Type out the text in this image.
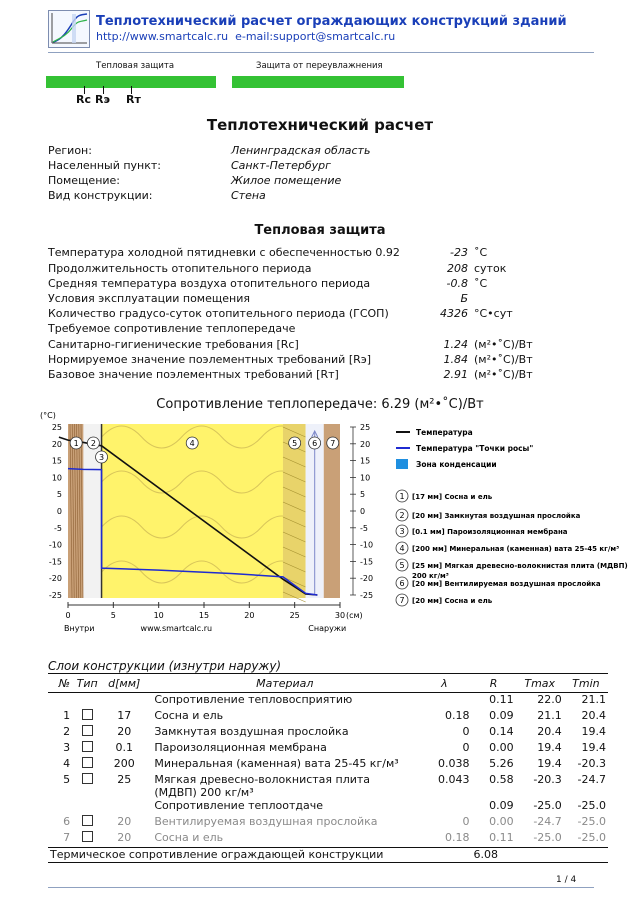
Теплотехнический расчет ограждающих конструкций зданий
http://www.smartcalc.ru e-mail:support@smartcalc.ru
Тепловая защита	Защита от переувлажнения
Rc Rэ Rт
Теплотехнический расчет
Регион:	Ленинградская область
Населенный пункт:	Санкт-Петербург
Помещение:	Жилое помещение
Вид конструкции:	Стена
Тепловая защита
Температура холодной пятидневки с обеспеченностью 0.92	-23 ˚C
Продолжительность отопительного периода	208 суток
Средняя температура воздуха отопительного периода	-0.8 ˚C
Условия эксплуатации помещения	Б
Количество градусо-суток отопительного периода (ГСОП)	4326 °C•сут
Требуемое сопротивление теплопередаче
Санитарно-гигиенические требования [Rc]	1.24 (м²•˚C)/Вт
Нормируемое значение поэлементных требований [Rэ]	1.84 (м²•˚C)/Вт
Базовое значение поэлементных требований [Rт]	2.91 (м²•˚C)/Вт
Сопротивление теплопередаче: 6.29 (м²•˚C)/Вт
0	5	10	15	20	25	30 (см)
(°C)
25	25
20	20
15	15
10	10
5	5
0	0
-5	-5
-10	-10
-15	-15
-20	-20
-25	-25
Внутри	www.smartcalc.ru	Снаружи
1 2
3
4	5 6 7
Температура
Температура "Точки росы"
Зона конденсации
1 [17 мм] Сосна и ель
2 [20 мм] Замкнутая воздушная прослойка
3 [0.1 мм] Пароизоляционная мембрана
4 [200 мм] Минеральная (каменная) вата 25-45 кг/м³
5 [25 мм] Мягкая древесно-волокнистая плита (МДВП)
200 кг/м³
6 [20 мм] Вентилируемая воздушная прослойка
7 [20 мм] Сосна и ель
Слои конструкции (изнутри наружу)
№	Тип	d[мм]	Материал	λ	R	Tmax	Tmin
			Сопротивление тепловосприятию		0.11	22.0	21.1
1		17	Сосна и ель	0.18	0.09	21.1	20.4
2		20	Замкнутая воздушная прослойка	0	0.14	20.4	19.4
3		0.1	Пароизоляционная мембрана	0	0.00	19.4	19.4
4		200	Минеральная (каменная) вата 25-45 кг/м³	0.038	5.26	19.4	-20.3
5		25	Мягкая древесно-волокнистая плита (МДВП) 200 кг/м³	0.043	0.58	-20.3	-24.7
			Сопротивление теплоотдаче		0.09	-25.0	-25.0
6		20	Вентилируемая воздушная прослойка	0	0.00	-24.7	-25.0
7		20	Сосна и ель	0.18	0.11	-25.0	-25.0
Термическое сопротивление ограждающей конструкции					6.08		
1 / 4
